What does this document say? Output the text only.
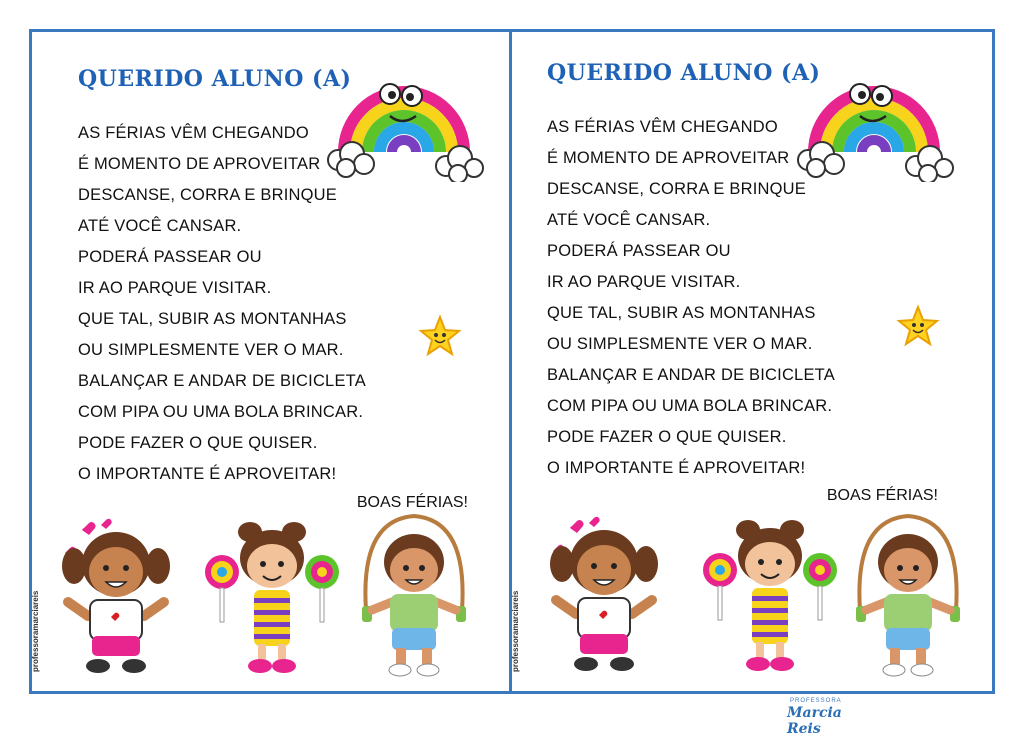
QUERIDO ALUNO (A)
AS FÉRIAS VÊM CHEGANDO
É MOMENTO DE APROVEITAR
DESCANSE, CORRA E BRINQUE
ATÉ VOCÊ CANSAR.
PODERÁ PASSEAR OU
IR AO PARQUE VISITAR.
QUE TAL, SUBIR AS MONTANHAS
OU SIMPLESMENTE VER O MAR.
BALANÇAR E ANDAR DE BICICLETA
COM PIPA OU UMA BOLA BRINCAR.
PODE FAZER O QUE QUISER.
O IMPORTANTE É APROVEITAR!
BOAS FÉRIAS!
professoramarciareis
QUERIDO ALUNO (A)
AS FÉRIAS VÊM CHEGANDO
É MOMENTO DE APROVEITAR
DESCANSE, CORRA E BRINQUE
ATÉ VOCÊ CANSAR.
PODERÁ PASSEAR OU
IR AO PARQUE VISITAR.
QUE TAL, SUBIR AS MONTANHAS
OU SIMPLESMENTE VER O MAR.
BALANÇAR E ANDAR DE BICICLETA
COM PIPA OU UMA BOLA BRINCAR.
PODE FAZER O QUE QUISER.
O IMPORTANTE É APROVEITAR!
BOAS FÉRIAS!
professoramarciareis
PROFESSORA
Marcia Reis
